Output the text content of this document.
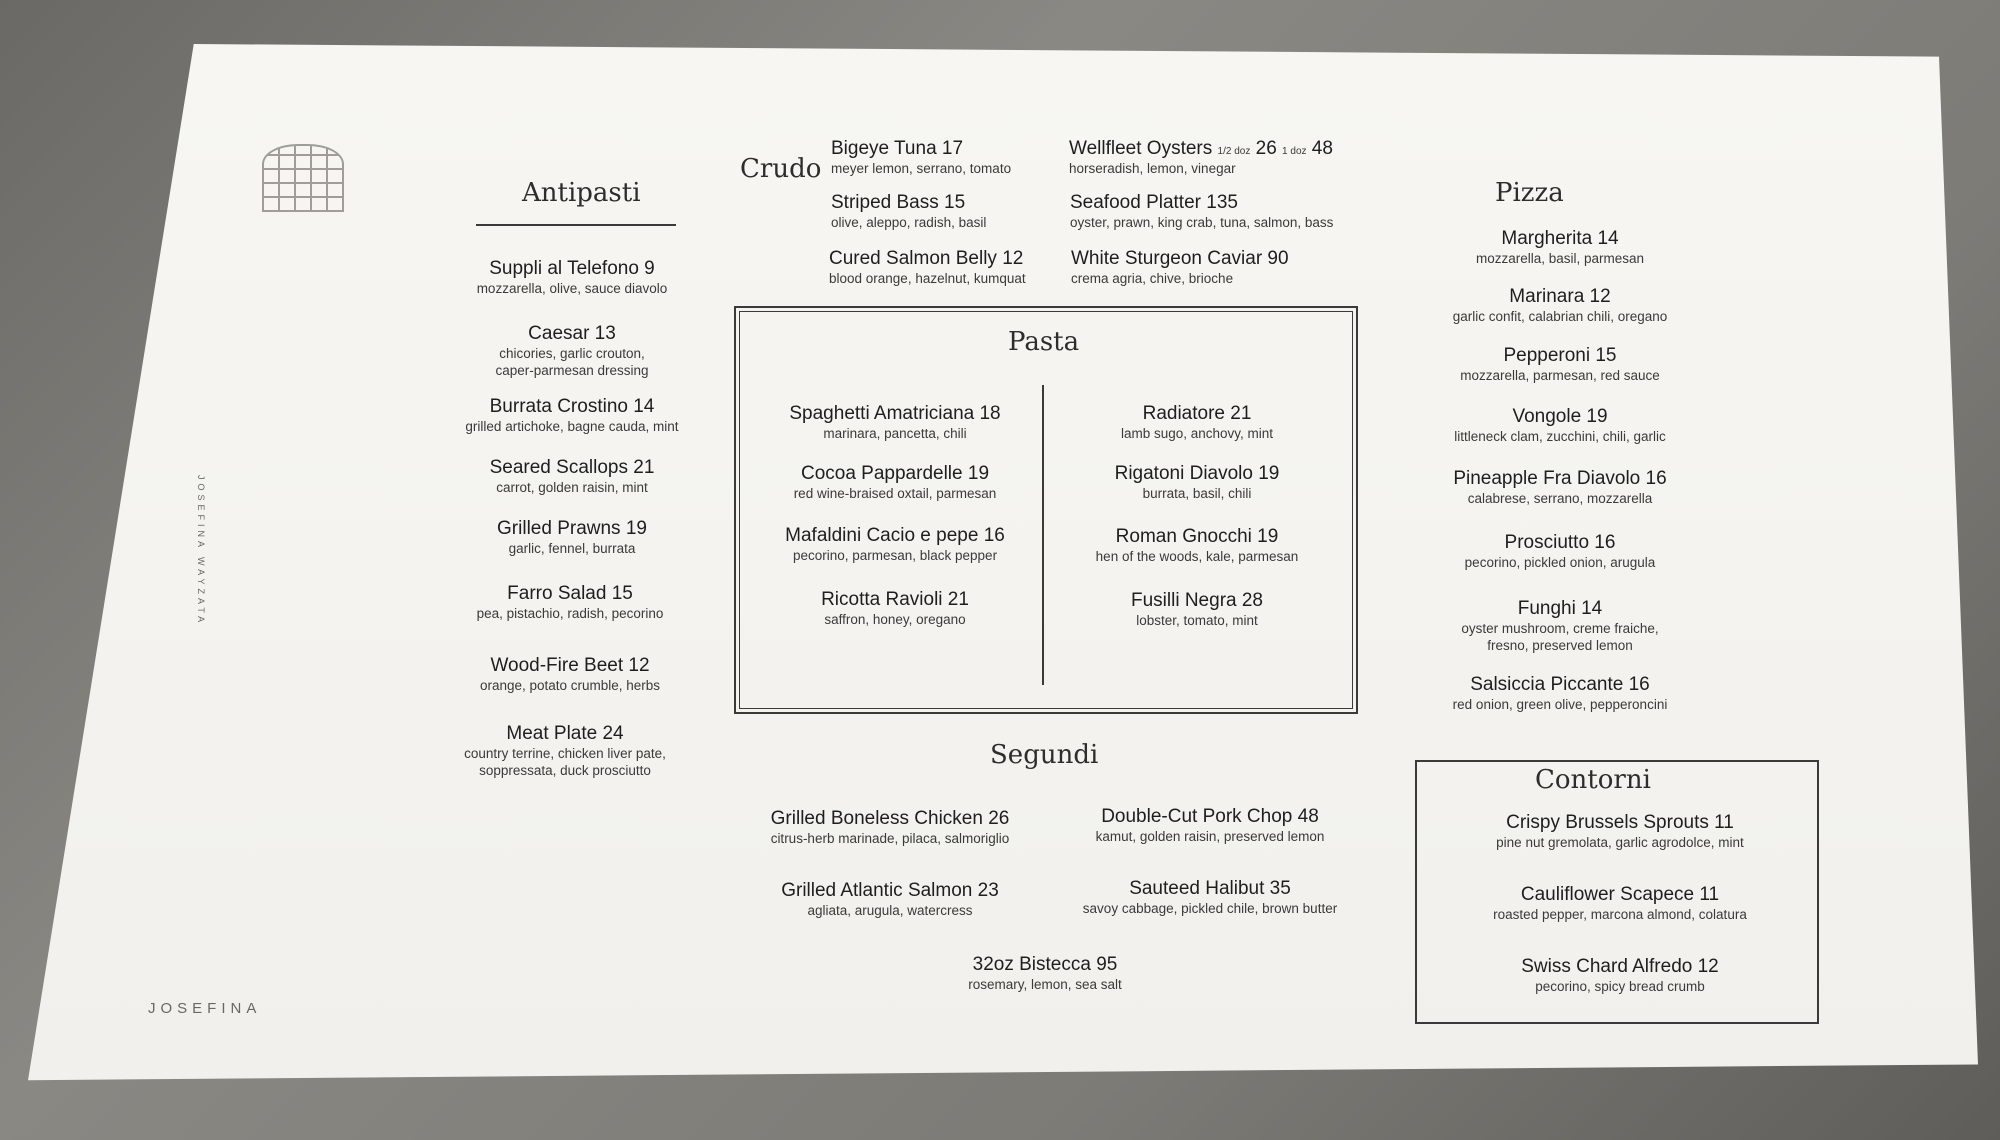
JOSEFINA WAYZATA
JOSEFINA
Antipasti
Suppli al Telefono 9
mozzarella, olive, sauce diavolo
Caesar 13
chicories, garlic crouton,
caper-parmesan dressing
Burrata Crostino 14
grilled artichoke, bagne cauda, mint
Seared Scallops 21
carrot, golden raisin, mint
Grilled Prawns 19
garlic, fennel, burrata
Farro Salad 15
pea, pistachio, radish, pecorino
Wood-Fire Beet 12
orange, potato crumble, herbs
Meat Plate 24
country terrine, chicken liver pate,
soppressata, duck prosciutto
Crudo
Bigeye Tuna 17
meyer lemon, serrano, tomato
Striped Bass 15
olive, aleppo, radish, basil
Cured Salmon Belly 12
blood orange, hazelnut, kumquat
Wellfleet Oysters 1/2 doz 26 1 doz 48
horseradish, lemon, vinegar
Seafood Platter 135
oyster, prawn, king crab, tuna, salmon, bass
White Sturgeon Caviar 90
crema agria, chive, brioche
Pasta
Spaghetti Amatriciana 18
marinara, pancetta, chili
Cocoa Pappardelle 19
red wine-braised oxtail, parmesan
Mafaldini Cacio e pepe 16
pecorino, parmesan, black pepper
Ricotta Ravioli 21
saffron, honey, oregano
Radiatore 21
lamb sugo, anchovy, mint
Rigatoni Diavolo 19
burrata, basil, chili
Roman Gnocchi 19
hen of the woods, kale, parmesan
Fusilli Negra 28
lobster, tomato, mint
Segundi
Grilled Boneless Chicken 26
citrus-herb marinade, pilaca, salmoriglio
Double-Cut Pork Chop 48
kamut, golden raisin, preserved lemon
Grilled Atlantic Salmon 23
agliata, arugula, watercress
Sauteed Halibut 35
savoy cabbage, pickled chile, brown butter
32oz Bistecca 95
rosemary, lemon, sea salt
Pizza
Margherita 14
mozzarella, basil, parmesan
Marinara 12
garlic confit, calabrian chili, oregano
Pepperoni 15
mozzarella, parmesan, red sauce
Vongole 19
littleneck clam, zucchini, chili, garlic
Pineapple Fra Diavolo 16
calabrese, serrano, mozzarella
Prosciutto 16
pecorino, pickled onion, arugula
Funghi 14
oyster mushroom, creme fraiche,
fresno, preserved lemon
Salsiccia Piccante 16
red onion, green olive, pepperoncini
Contorni
Crispy Brussels Sprouts 11
pine nut gremolata, garlic agrodolce, mint
Cauliflower Scapece 11
roasted pepper, marcona almond, colatura
Swiss Chard Alfredo 12
pecorino, spicy bread crumb
